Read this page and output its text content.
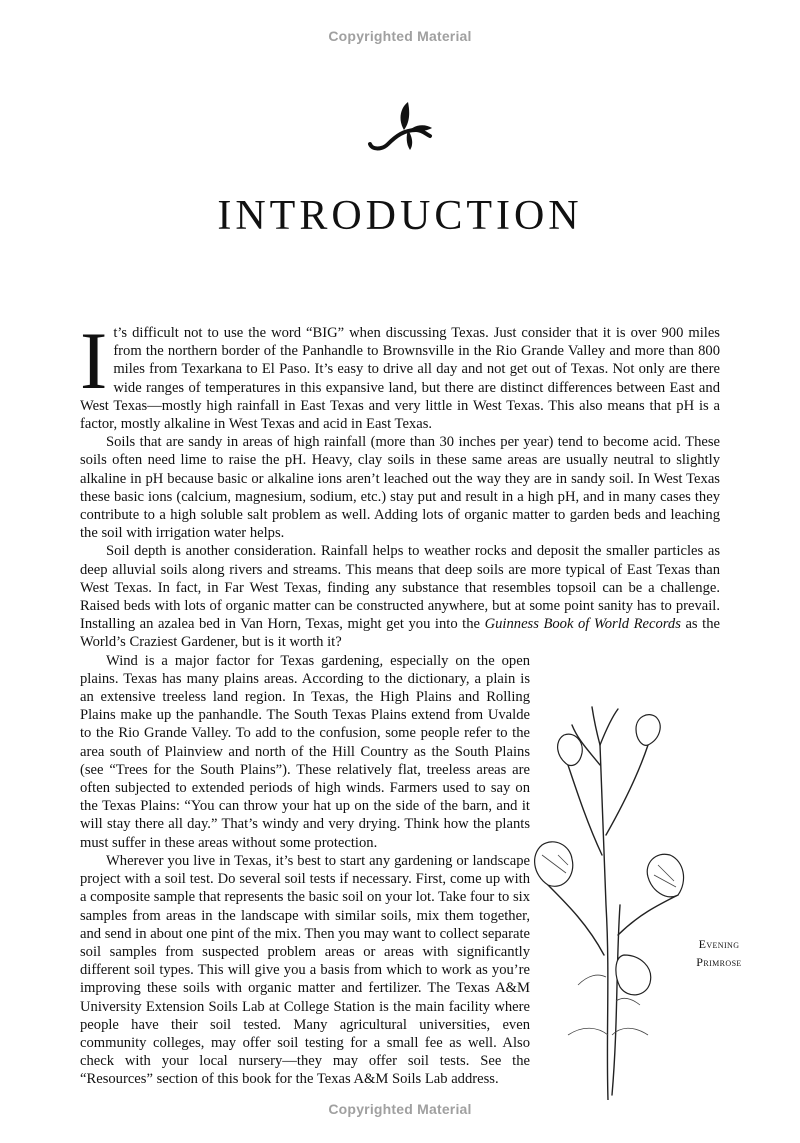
Copyrighted Material
INTRODUCTION

It’s difficult not to use the word “BIG” when discussing Texas. Just consider that it is over 900 miles from the northern border of the Panhandle to Brownsville in the Rio Grande Valley and more than 800 miles from Texarkana to El Paso. It’s easy to drive all day and not get out of Texas. Not only are there wide ranges of temperatures in this expansive land, but there are distinct differences between East and West Texas—mostly high rainfall in East Texas and very little in West Texas. This also means that pH is a factor, mostly alkaline in West Texas and acid in East Texas.

Soils that are sandy in areas of high rainfall (more than 30 inches per year) tend to become acid. These soils often need lime to raise the pH. Heavy, clay soils in these same areas are usually neutral to slightly alkaline in pH because basic or alkaline ions aren’t leached out the way they are in sandy soil. In West Texas these basic ions (calcium, magnesium, sodium, etc.) stay put and result in a high pH, and in many cases they contribute to a high soluble salt problem as well. Adding lots of organic matter to garden beds and leaching the soil with irrigation water helps.

Soil depth is another consideration. Rainfall helps to weather rocks and deposit the smaller particles as deep alluvial soils along rivers and streams. This means that deep soils are more typical of East Texas than West Texas. In fact, in Far West Texas, finding any substance that resembles topsoil can be a challenge. Raised beds with lots of organic matter can be constructed anywhere, but at some point sanity has to prevail. Installing an azalea bed in Van Horn, Texas, might get you into the Guinness Book of World Records as the World’s Craziest Gardener, but is it worth it?

Wind is a major factor for Texas gardening, especially on the open plains. Texas has many plains areas. According to the dictionary, a plain is an extensive treeless land region. In Texas, the High Plains and Rolling Plains make up the panhandle. The South Texas Plains extend from Uvalde to the Rio Grande Valley. To add to the confusion, some people refer to the area south of Plainview and north of the Hill Country as the South Plains (see “Trees for the South Plains”). These relatively flat, treeless areas are often subjected to extended periods of high winds. Farmers used to say on the Texas Plains: “You can throw your hat up on the side of the barn, and it will stay there all day.” That’s windy and very drying. Think how the plants must suffer in these areas without some protection.

Wherever you live in Texas, it’s best to start any gardening or landscape project with a soil test. Do several soil tests if necessary. First, come up with a composite sample that represents the basic soil on your lot. Take four to six samples from areas in the landscape with similar soils, mix them together, and send in about one pint of the mix. Then you may want to collect separate soil samples from suspected problem areas or areas with significantly different soil types. This will give you a basis from which to work as you’re improving these soils with organic matter and fertilizer. The Texas A&M University Extension Soils Lab at College Station is the main facility where people have their soil tested. Many agricultural universities, even community colleges, may offer soil testing for a small fee as well. Also check with your local nursery—they may offer soil tests. See the “Resources” section of this book for the Texas A&M Soils Lab address.

Evening
Primrose
Copyrighted Material
